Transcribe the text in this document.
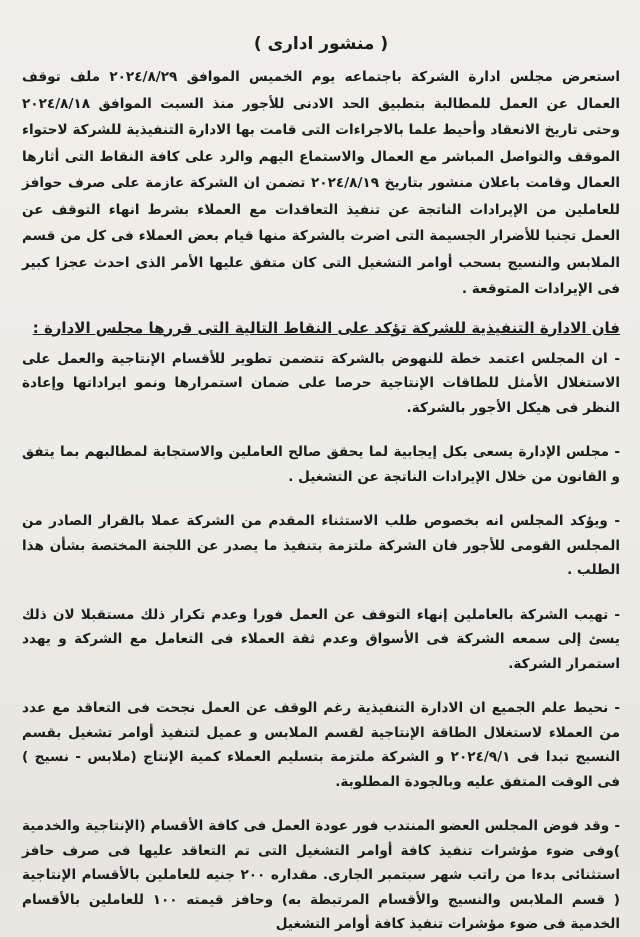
( منشور ادارى )

استعرض مجلس ادارة الشركة باجتماعه يوم الخميس الموافق ٢٠٢٤/٨/٢٩ ملف توقف العمال عن العمل للمطالبة بتطبيق الحد الادنى للأجور منذ السبت الموافق ٢٠٢٤/٨/١٨ وحتى تاريخ الانعقاد وأحيط علما بالاجراءات التى قامت بها الادارة التنفيذية للشركة لاحتواء الموقف والتواصل المباشر مع العمال والاستماع اليهم والرد على كافة النقاط التى أثارها العمال وقامت باعلان منشور بتاريخ ٢٠٢٤/٨/١٩ تضمن ان الشركة عازمة على صرف حوافز للعاملين من الإيرادات الناتجة عن تنفيذ التعاقدات مع العملاء بشرط انهاء التوقف عن العمل تجنبا للأضرار الجسيمة التى اضرت بالشركة منها قيام بعض العملاء فى كل من قسم الملابس والنسيج بسحب أوامر التشغيل التى كان متفق عليها الأمر الذى احدث عجزا كبير فى الإيرادات المتوقعة .

فان الادارة التنفيذية للشركة تؤكد على النقاط التالية التى قررها مجلس الادارة :

- ان المجلس اعتمد خطة للنهوض بالشركة تتضمن تطوير للأقسام الإنتاجية والعمل على الاستغلال الأمثل للطاقات الإنتاجية حرصا على ضمان استمرارها ونمو ايراداتها وإعادة النظر فى هيكل الأجور بالشركة.

- مجلس الإدارة يسعى بكل إيجابية لما يحقق صالح العاملين والاستجابة لمطالبهم بما يتفق و القانون من خلال الإيرادات الناتجة عن التشغيل .

- ويؤكد المجلس انه بخصوص طلب الاستثناء المقدم من الشركة عملا بالقرار الصادر من المجلس القومى للأجور فان الشركة ملتزمة بتنفيذ ما يصدر عن اللجنة المختصة بشأن هذا الطلب .

- تهيب الشركة بالعاملين إنهاء التوقف عن العمل فورا وعدم تكرار ذلك مستقبلا لان ذلك يسئ إلى سمعه الشركة فى الأسواق وعدم ثقة العملاء فى التعامل مع الشركة و يهدد استمرار الشركة.

- نحيط علم الجميع ان الادارة التنفيذية رغم الوقف عن العمل نجحت فى التعاقد مع عدد من العملاء لاستغلال الطاقة الإنتاجية لقسم الملابس و عميل لتنفيذ أوامر تشغيل بقسم النسيج تبدا فى ٢٠٢٤/٩/١ و الشركة ملتزمة بتسليم العملاء كمية الإنتاج (ملابس - نسيج ) فى الوقت المتفق عليه وبالجودة المطلوبة.

- وقد فوض المجلس العضو المنتدب فور عودة العمل فى كافة الأقسام (الإنتاجية والخدمية )وفى ضوء مؤشرات تنفيذ كافة أوامر التشغيل التى تم التعاقد عليها فى صرف حافز استثنائى بدءا من راتب شهر سبتمبر الجارى. مقداره ٢٠٠ جنيه للعاملين بالأقسام الإنتاجية ( قسم الملابس والنسيج والأقسام المرتبطة به) وحافز قيمته ١٠٠ للعاملين بالأقسام الخدمية فى ضوء مؤشرات تنفيذ كافة أوامر التشغيل
